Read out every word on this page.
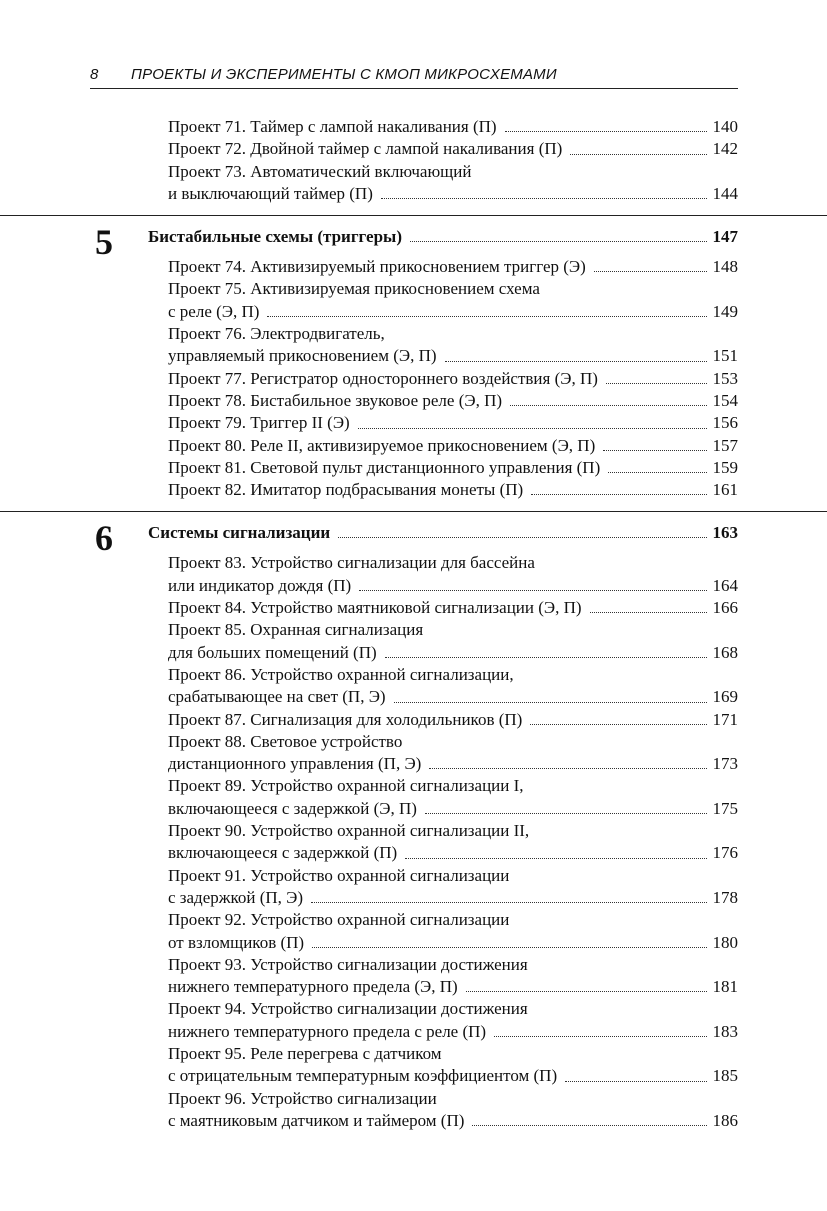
8 ПРОЕКТЫ И ЭКСПЕРИМЕНТЫ С КМОП МИКРОСХЕМАМИ
Проект 71. Таймер с лампой накаливания (П)	140
Проект 72. Двойной таймер с лампой накаливания (П)	142
Проект 73. Автоматический включающий
и выключающий таймер (П)	144
5 Бистабильные схемы (триггеры)	147
Проект 74. Активизируемый прикосновением триггер (Э)	148
Проект 75. Активизируемая прикосновением схема
с реле (Э, П)	149
Проект 76. Электродвигатель,
управляемый прикосновением (Э, П)	151
Проект 77. Регистратор одностороннего воздействия (Э, П)	153
Проект 78. Бистабильное звуковое реле (Э, П)	154
Проект 79. Триггер II (Э)	156
Проект 80. Реле II, активизируемое прикосновением (Э, П)	157
Проект 81. Световой пульт дистанционного управления (П)	159
Проект 82. Имитатор подбрасывания монеты (П)	161
6 Системы сигнализации	163
Проект 83. Устройство сигнализации для бассейна
или индикатор дождя (П)	164
Проект 84. Устройство маятниковой сигнализации (Э, П)	166
Проект 85. Охранная сигнализация
для больших помещений (П)	168
Проект 86. Устройство охранной сигнализации,
срабатывающее на свет (П, Э)	169
Проект 87. Сигнализация для холодильников (П)	171
Проект 88. Световое устройство
дистанционного управления (П, Э)	173
Проект 89. Устройство охранной сигнализации I,
включающееся с задержкой (Э, П)	175
Проект 90. Устройство охранной сигнализации II,
включающееся с задержкой (П)	176
Проект 91. Устройство охранной сигнализации
с задержкой (П, Э)	178
Проект 92. Устройство охранной сигнализации
от взломщиков (П)	180
Проект 93. Устройство сигнализации достижения
нижнего температурного предела (Э, П)	181
Проект 94. Устройство сигнализации достижения
нижнего температурного предела с реле (П)	183
Проект 95. Реле перегрева с датчиком
с отрицательным температурным коэффициентом (П)	185
Проект 96. Устройство сигнализации
с маятниковым датчиком и таймером (П)	186
